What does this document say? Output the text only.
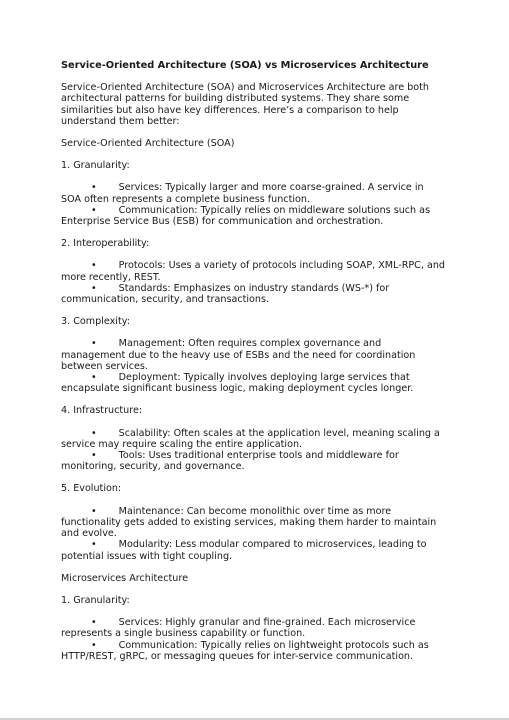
Service-Oriented Architecture (SOA) vs Microservices Architecture

Service-Oriented Architecture (SOA) and Microservices Architecture are both architectural patterns for building distributed systems. They share some similarities but also have key differences. Here’s a comparison to help understand them better:

Service-Oriented Architecture (SOA)

1. Granularity:

• Services: Typically larger and more coarse-grained. A service in SOA often represents a complete business function.
• Communication: Typically relies on middleware solutions such as Enterprise Service Bus (ESB) for communication and orchestration.

2. Interoperability:

• Protocols: Uses a variety of protocols including SOAP, XML-RPC, and more recently, REST.
• Standards: Emphasizes on industry standards (WS-*) for communication, security, and transactions.

3. Complexity:

• Management: Often requires complex governance and management due to the heavy use of ESBs and the need for coordination between services.
• Deployment: Typically involves deploying large services that encapsulate significant business logic, making deployment cycles longer.

4. Infrastructure:

• Scalability: Often scales at the application level, meaning scaling a service may require scaling the entire application.
• Tools: Uses traditional enterprise tools and middleware for monitoring, security, and governance.

5. Evolution:

• Maintenance: Can become monolithic over time as more functionality gets added to existing services, making them harder to maintain and evolve.
• Modularity: Less modular compared to microservices, leading to potential issues with tight coupling.

Microservices Architecture

1. Granularity:

• Services: Highly granular and fine-grained. Each microservice represents a single business capability or function.
• Communication: Typically relies on lightweight protocols such as HTTP/REST, gRPC, or messaging queues for inter-service communication.
